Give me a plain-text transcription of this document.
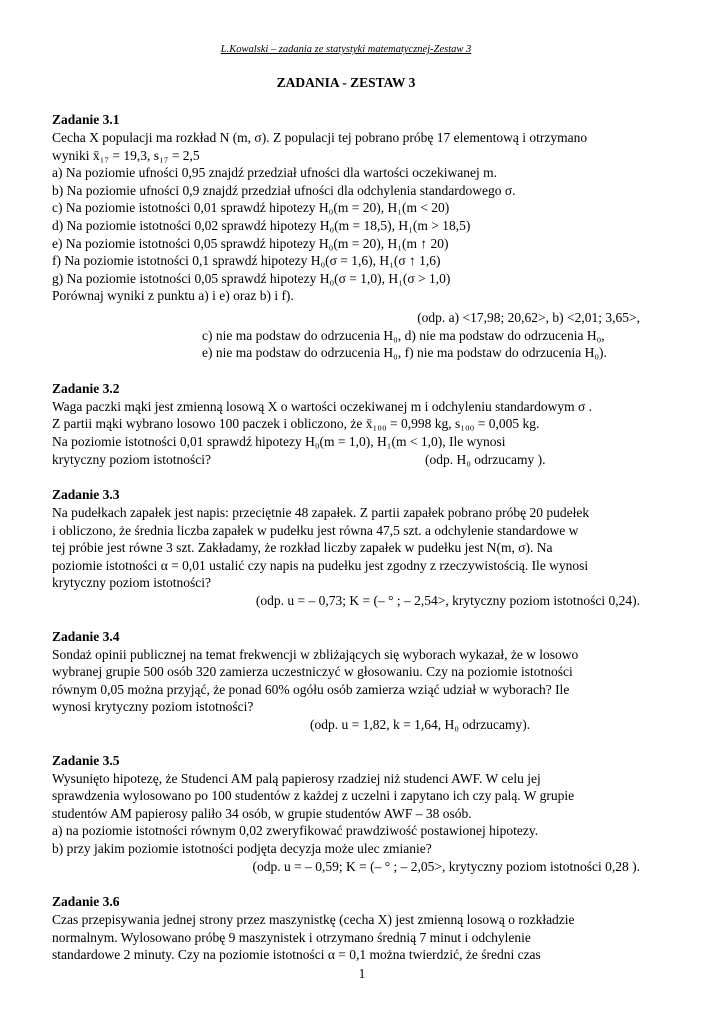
L.Kowalski – zadania ze statystyki matematycznej-Zestaw 3
ZADANIA - ZESTAW 3
Zadanie 3.1
Cecha X populacji ma rozkład N (m, σ). Z populacji tej pobrano próbę 17 elementową i otrzymano
wyniki x̄₁₇ = 19,3, s₁₇ = 2,5
a) Na poziomie ufności 0,95 znajdź przedział ufności dla wartości oczekiwanej m.
b) Na poziomie ufności 0,9 znajdź przedział ufności dla odchylenia standardowego σ.
c) Na poziomie istotności 0,01 sprawdź hipotezy H₀(m = 20), H₁(m < 20)
d) Na poziomie istotności 0,02 sprawdź hipotezy H₀(m = 18,5), H₁(m > 18,5)
e) Na poziomie istotności 0,05 sprawdź hipotezy H₀(m = 20), H₁(m ↑ 20)
f) Na poziomie istotności 0,1 sprawdź hipotezy H₀(σ = 1,6), H₁(σ ↑ 1,6)
g) Na poziomie istotności 0,05 sprawdź hipotezy H₀(σ = 1,0), H₁(σ > 1,0)
Porównaj wyniki z punktu a) i e) oraz b) i f).
(odp. a) <17,98; 20,62>, b) <2,01; 3,65>,
c) nie ma podstaw do odrzucenia H₀, d) nie ma podstaw do odrzucenia H₀,
e) nie ma podstaw do odrzucenia H₀, f) nie ma podstaw do odrzucenia H₀).
Zadanie 3.2
Waga paczki mąki jest zmienną losową X o wartości oczekiwanej m i odchyleniu standardowym σ .
Z partii mąki wybrano losowo 100 paczek i obliczono, że x̄₁₀₀ = 0,998 kg, s₁₀₀ = 0,005 kg.
Na poziomie istotności 0,01 sprawdź hipotezy H₀(m = 1,0), H₁(m < 1,0), Ile wynosi
krytyczny poziom istotności?	(odp. H₀ odrzucamy ).
Zadanie 3.3
Na pudełkach zapałek jest napis: przeciętnie 48 zapałek. Z partii zapałek pobrano próbę 20 pudełek
i obliczono, że średnia liczba zapałek w pudełku jest równa 47,5 szt. a odchylenie standardowe w
tej próbie jest równe 3 szt. Zakładamy, że rozkład liczby zapałek w pudełku jest N(m, σ). Na
poziomie istotności α = 0,01 ustalić czy napis na pudełku jest zgodny z rzeczywistością. Ile wynosi
krytyczny poziom istotności?
(odp. u = – 0,73; K = (– ° ; – 2,54>, krytyczny poziom istotności 0,24).
Zadanie 3.4
Sondaż opinii publicznej na temat frekwencji w zbliżających się wyborach wykazał, że w losowo
wybranej grupie 500 osób 320 zamierza uczestniczyć w głosowaniu. Czy na poziomie istotności
równym 0,05 można przyjąć, że ponad 60% ogółu osób zamierza wziąć udział w wyborach? Ile
wynosi krytyczny poziom istotności?
(odp. u = 1,82, k = 1,64, H₀ odrzucamy).
Zadanie 3.5
Wysunięto hipotezę, że Studenci AM palą papierosy rzadziej niż studenci AWF. W celu jej
sprawdzenia wylosowano po 100 studentów z każdej z uczelni i zapytano ich czy palą. W grupie
studentów AM papierosy paliło 34 osób, w grupie studentów AWF – 38 osób.
a) na poziomie istotności równym 0,02 zweryfikować prawdziwość postawionej hipotezy.
b) przy jakim poziomie istotności podjęta decyzja może ulec zmianie?
(odp. u = – 0,59; K = (– ° ; – 2,05>, krytyczny poziom istotności 0,28 ).
Zadanie 3.6
Czas przepisywania jednej strony przez maszynistkę (cecha X) jest zmienną losową o rozkładzie
normalnym. Wylosowano próbę 9 maszynistek i otrzymano średnią 7 minut i odchylenie
standardowe 2 minuty. Czy na poziomie istotności α = 0,1 można twierdzić, że średni czas
1
